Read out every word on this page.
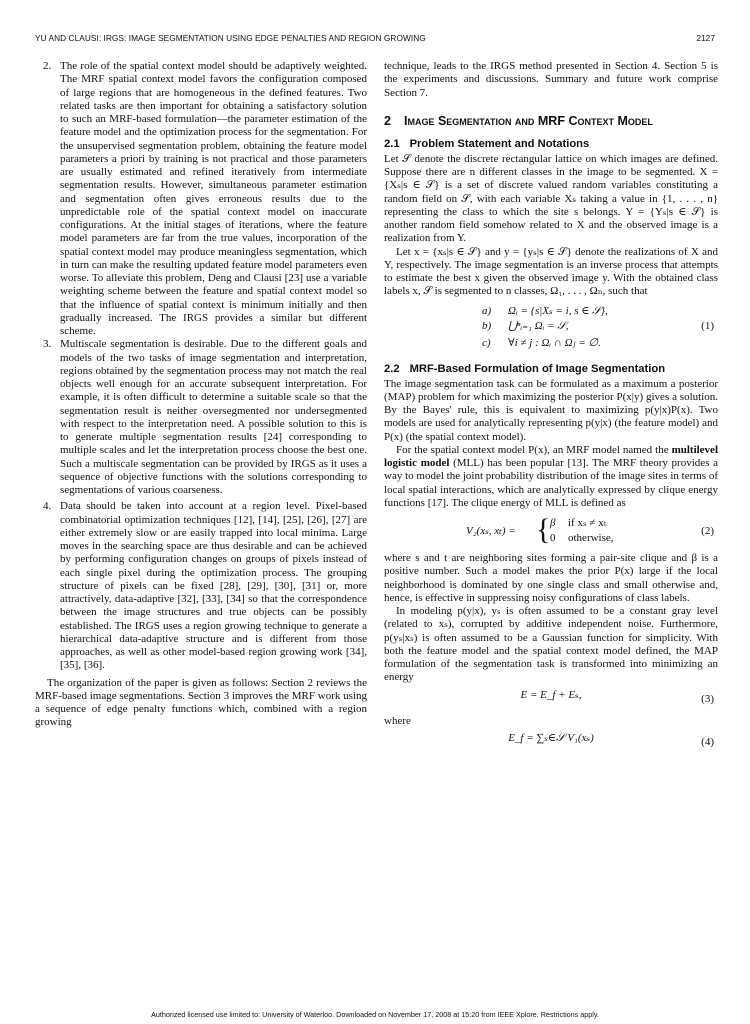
YU AND CLAUSI: IRGS: IMAGE SEGMENTATION USING EDGE PENALTIES AND REGION GROWING	2127
2. The role of the spatial context model should be adaptively weighted. The MRF spatial context model favors the configuration composed of large regions that are homogeneous in the defined features. Two related tasks are then important for obtaining a satisfactory solution to such an MRF-based formulation—the parameter estimation of the feature model and the optimization process for the segmentation. For the unsupervised segmentation problem, obtaining the feature model parameters a priori by training is not practical and those parameters are usually estimated and refined iteratively from intermediate segmentation results. However, simultaneous parameter estimation and segmentation often gives erroneous results due to the unpredictable role of the spatial context model on inaccurate configurations. At the initial stages of iterations, where the feature model parameters are far from the true values, incorporation of the spatial context model may produce meaningless segmentation, which in turn can make the resulting updated feature model parameters even worse. To alleviate this problem, Deng and Clausi [23] use a variable weighting scheme between the feature and spatial context model so that the influence of spatial context is minimum initially and then gradually increased. The IRGS provides a similar but different scheme.
3. Multiscale segmentation is desirable. Due to the different goals and models of the two tasks of image segmentation and interpretation, regions obtained by the segmentation process may not match the real objects well enough for an accurate subsequent interpretation. For example, it is often difficult to determine a suitable scale so that the segmentation result is neither oversegmented nor undersegmented with respect to the interpretation need. A possible solution to this is to generate multiple segmentation results [24] corresponding to multiple scales and let the interpretation process choose the best one. Such a multiscale segmentation can be provided by IRGS as it uses a sequence of objective functions with the solutions corresponding to segmentations of various coarseness.
4. Data should be taken into account at a region level. Pixel-based combinatorial optimization techniques [12], [14], [25], [26], [27] are either extremely slow or are easily trapped into local minima. Large moves in the searching space are thus desirable and can be achieved by performing configuration changes on groups of pixels instead of each single pixel during the optimization process. The grouping structure of pixels can be fixed [28], [29], [30], [31] or, more attractively, data-adaptive [32], [33], [34] so that the correspondence between the image structures and true objects can be possibly established. The IRGS uses a region growing technique to generate a hierarchical data-adaptive structure and is different from those approaches, as well as other model-based region growing work [34], [35], [36].

The organization of the paper is given as follows: Section 2 reviews the MRF-based image segmentations. Section 3 improves the MRF work using a sequence of edge penalty functions which, combined with a region growing

technique, leads to the IRGS method presented in Section 4. Section 5 is the experiments and discussions. Summary and future work comprise Section 7.

2 Image Segmentation and MRF Context Model
2.1 Problem Statement and Notations

Let 𝒮 denote the discrete rectangular lattice on which images are defined. Suppose there are n different classes in the image to be segmented. X = {Xₛ|s ∈ 𝒮} is a set of discrete valued random variables constituting a random field on 𝒮, with each variable Xₛ taking a value in {1, . . . , n} representing the class to which the site s belongs. Y = {Yₛ|s ∈ 𝒮} is another random field somehow related to X and the observed image is a realization from Y.

Let x = {xₛ|s ∈ 𝒮} and y = {yₛ|s ∈ 𝒮} denote the realizations of X and Y, respectively. The image segmentation is an inverse process that attempts to estimate the best x given the observed image y. With the obtained class labels x, 𝒮 is segmented to n classes, Ω₁, . . . , Ωₙ, such that

a) Ωᵢ = {s|Xₛ = i, s ∈ 𝒮},
b) ⋃ⁿᵢ₌₁ Ωᵢ = 𝒮,	(1)
c) ∀i ≠ j : Ωᵢ ∩ Ωⱼ = ∅.
2.2 MRF-Based Formulation of Image Segmentation

The image segmentation task can be formulated as a maximum a posterior (MAP) problem for which maximizing the posterior P(x|y) gives a solution. By the Bayes' rule, this is equivalent to maximizing p(y|x)P(x). Two models are used for analytically representing p(y|x) (the feature model) and P(x) (the spatial context model).

For the spatial context model P(x), an MRF model named the multilevel logistic model (MLL) has been popular [13]. The MRF theory provides a way to model the joint probability distribution of the image sites in terms of local spatial interactions, which are analytically expressed by clique energy functions [17]. The clique energy of MLL is defined as

V₂(xₛ, xₜ) = { β if xₛ ≠ xₜ
0 otherwise,
(2)

where s and t are neighboring sites forming a pair-site clique and β is a positive number. Such a model makes the prior P(x) large if the local neighborhood is dominated by one single class and small otherwise and, hence, is effective in suppressing noisy configurations of class labels.

In modeling p(y|x), yₛ is often assumed to be a constant gray level (related to xₛ), corrupted by additive independent noise. Furthermore, p(yₛ|xₛ) is often assumed to be a Gaussian function for simplicity. With both the feature model and the spatial context model defined, the MAP formulation of the segmentation task is transformed into minimizing an energy

E = E_f + Eₛ,	(3)

where

E_f = ∑ₛ∈𝒮 V₁(xₛ)	(4)
Authorized licensed use limited to: University of Waterloo. Downloaded on November 17, 2008 at 15:20 from IEEE Xplore. Restrictions apply.
